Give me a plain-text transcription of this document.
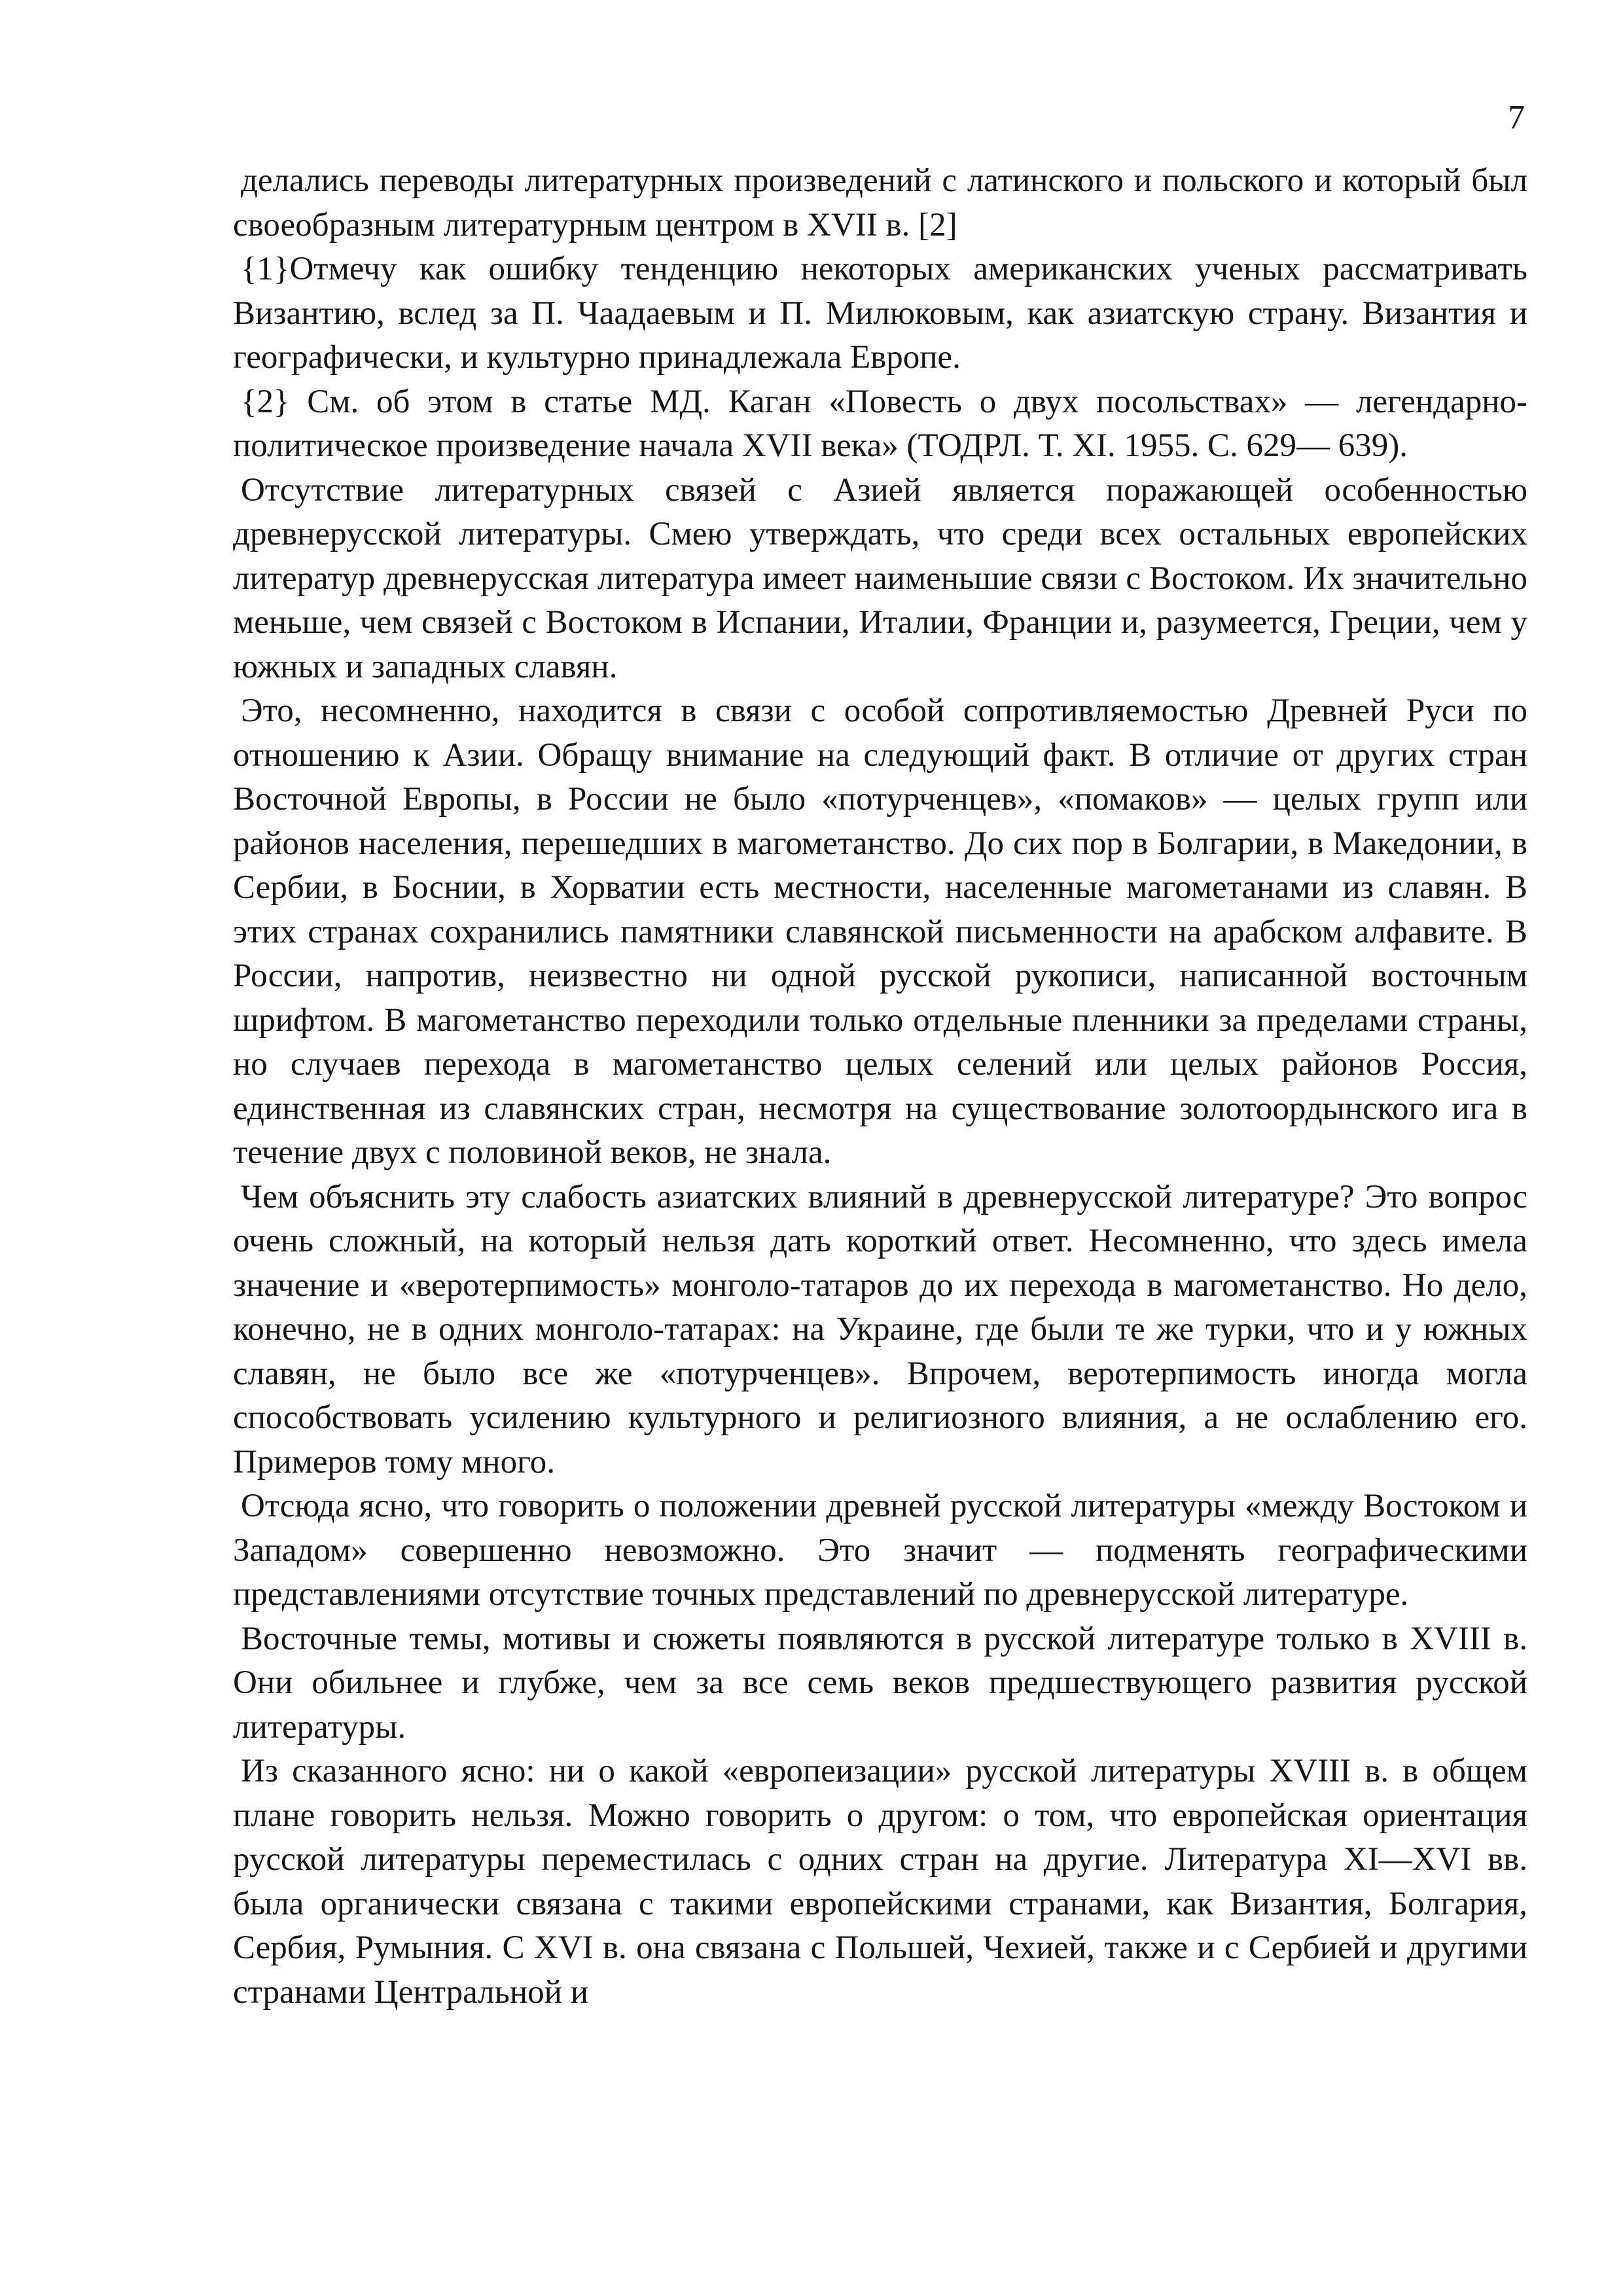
7

делались переводы литературных произведений с латинского и польского и который был своеобразным литературным центром в XVII в. [2]

{1}Отмечу как ошибку тенденцию некоторых американских ученых рассматривать Византию, вслед за П. Чаадаевым и П. Милюковым, как азиатскую страну. Византия и географически, и культурно принадлежала Европе.

{2} См. об этом в статье МД. Каган «Повесть о двух посольствах» — легендарно-политическое произведение начала XVII века» (ТОДРЛ. Т. XI. 1955. С. 629— 639).

Отсутствие литературных связей с Азией является поражающей особенностью древнерусской литературы. Смею утверждать, что среди всех остальных европейских литератур древнерусская литература имеет наименьшие связи с Востоком. Их значительно меньше, чем связей с Востоком в Испании, Италии, Франции и, разумеется, Греции, чем у южных и западных славян.

Это, несомненно, находится в связи с особой сопротивляемостью Древней Руси по отношению к Азии. Обращу внимание на следующий факт. В отличие от других стран Восточной Европы, в России не было «потурченцев», «помаков» — целых групп или районов населения, перешедших в магометанство. До сих пор в Болгарии, в Македонии, в Сербии, в Боснии, в Хорватии есть местности, населенные магометанами из славян. В этих странах сохранились памятники славянской письменности на арабском алфавите. В России, напротив, неизвестно ни одной русской рукописи, написанной восточным шрифтом. В магометанство переходили только отдельные пленники за пределами страны, но случаев перехода в магометанство целых селений или целых районов Россия, единственная из славянских стран, несмотря на существование золотоордынского ига в течение двух с половиной веков, не знала.

Чем объяснить эту слабость азиатских влияний в древнерусской литературе? Это вопрос очень сложный, на который нельзя дать короткий ответ. Несомненно, что здесь имела значение и «веротерпимость» монголо-татаров до их перехода в магометанство. Но дело, конечно, не в одних монголо-татарах: на Украине, где были те же турки, что и у южных славян, не было все же «потурченцев». Впрочем, веротерпимость иногда могла способствовать усилению культурного и религиозного влияния, а не ослаблению его. Примеров тому много.

Отсюда ясно, что говорить о положении древней русской литературы «между Востоком и Западом» совершенно невозможно. Это значит — подменять географическими представлениями отсутствие точных представлений по древнерусской литературе.

Восточные темы, мотивы и сюжеты появляются в русской литературе только в XVIII в. Они обильнее и глубже, чем за все семь веков предшествующего развития русской литературы.

Из сказанного ясно: ни о какой «европеизации» русской литературы XVIII в. в общем плане говорить нельзя. Можно говорить о другом: о том, что европейская ориентация русской литературы переместилась с одних стран на другие. Литература XI—XVI вв. была органически связана с такими европейскими странами, как Византия, Болгария, Сербия, Румыния. С XVI в. она связана с Польшей, Чехией, также и с Сербией и другими странами Центральной и
